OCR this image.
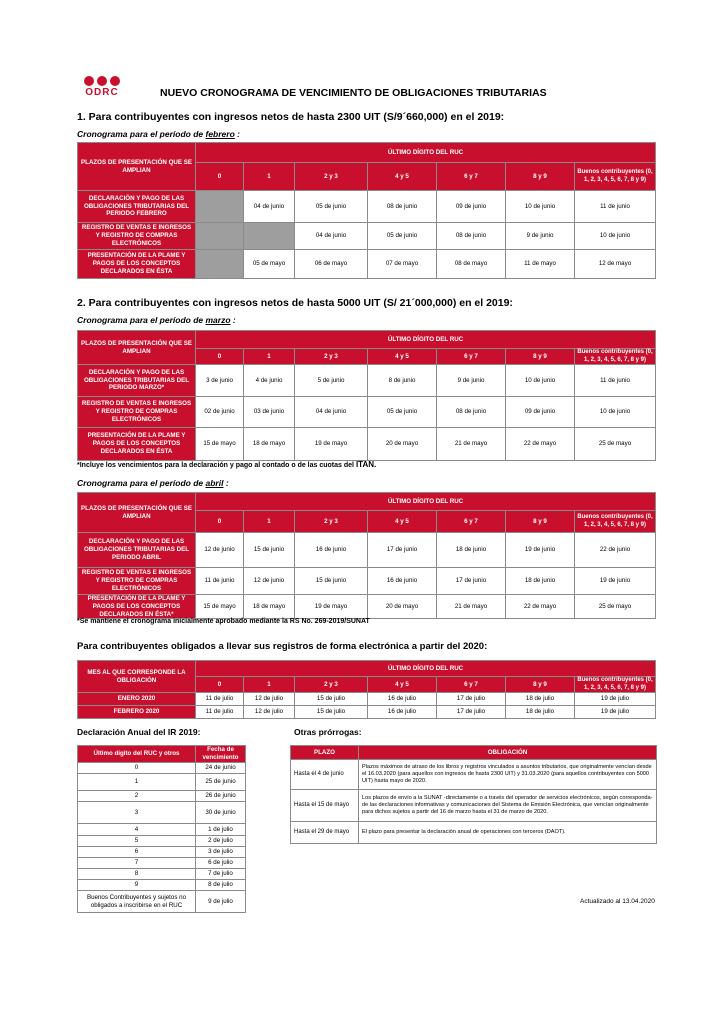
ODRC	NUEVO CRONOGRAMA DE VENCIMIENTO DE OBLIGACIONES TRIBUTARIAS
1. Para contribuyentes con ingresos netos de hasta 2300 UIT (S/9´660,000) en el 2019:
Cronograma para el período de febrero :
PLAZOS DE PRESENTACIÓN QUE SE AMPLIAN	ÚLTIMO DÍGITO DEL RUC						
	0	1	2 y 3	4 y 5	6 y 7	8 y 9	Buenos contribuyentes (0, 1, 2, 3, 4, 5, 6, 7, 8 y 9)
DECLARACIÓN Y PAGO DE LAS OBLIGACIONES TRIBUTARIAS DEL PERIODO FEBRERO		04 de junio	05 de junio	08 de junio	09 de junio	10 de junio	11 de junio
REGISTRO DE VENTAS E INGRESOS Y REGISTRO DE COMPRAS ELECTRÓNICOS			04 de junio	05 de junio	08 de junio	9 de junio	10 de junio
PRESENTACIÓN DE LA PLAME Y PAGOS DE LOS CONCEPTOS DECLARADOS EN ÉSTA		05 de mayo	06 de mayo	07 de mayo	08 de mayo	11 de mayo	12 de mayo
2. Para contribuyentes con ingresos netos de hasta 5000 UIT (S/ 21´000,000) en el 2019:
Cronograma para el período de marzo :
PLAZOS DE PRESENTACIÓN QUE SE AMPLIAN	ÚLTIMO DÍGITO DEL RUC						
	0	1	2 y 3	4 y 5	6 y 7	8 y 9	Buenos contribuyentes (0, 1, 2, 3, 4, 5, 6, 7, 8 y 9)
DECLARACIÓN Y PAGO DE LAS OBLIGACIONES TRIBUTARIAS DEL PERIODO MARZO*	3 de junio	4 de junio	5 de junio	8 de junio	9 de junio	10 de junio	11 de junio
REGISTRO DE VENTAS E INGRESOS Y REGISTRO DE COMPRAS ELECTRÓNICOS	02 de junio	03 de junio	04 de junio	05 de junio	08 de junio	09 de junio	10 de junio
PRESENTACIÓN DE LA PLAME Y PAGOS DE LOS CONCEPTOS DECLARADOS EN ÉSTA	15 de mayo	18 de mayo	19 de mayo	20 de mayo	21 de mayo	22 de mayo	25 de mayo
*Incluye los vencimientos para la declaración y pago al contado o de las cuotas del ITAN.
Cronograma para el período de abril :
PLAZOS DE PRESENTACIÓN QUE SE AMPLIAN	ÚLTIMO DÍGITO DEL RUC						
	0	1	2 y 3	4 y 5	6 y 7	8 y 9	Buenos contribuyentes (0, 1, 2, 3, 4, 5, 6, 7, 8 y 9)
DECLARACIÓN Y PAGO DE LAS OBLIGACIONES TRIBUTARIAS DEL PERIODO ABRIL	12 de junio	15 de junio	16 de junio	17 de junio	18 de junio	19 de junio	22 de junio
REGISTRO DE VENTAS E INGRESOS Y REGISTRO DE COMPRAS ELECTRÓNICOS	11 de junio	12 de junio	15 de junio	16 de junio	17 de junio	18 de junio	19 de junio
PRESENTACIÓN DE LA PLAME Y PAGOS DE LOS CONCEPTOS DECLARADOS EN ÉSTA*	15 de mayo	18 de mayo	19 de mayo	20 de mayo	21 de mayo	22 de mayo	25 de mayo
*Se mantiene el cronograma inicialmente aprobado mediante la RS No. 269-2019/SUNAT
Para contribuyentes obligados a llevar sus registros de forma electrónica a partir del 2020:
MES AL QUE CORRESPONDE LA OBLIGACIÓN	ÚLTIMO DÍGITO DEL RUC						
	0	1	2 y 3	4 y 5	6 y 7	8 y 9	Buenos contribuyentes (0, 1, 2, 3, 4, 5, 6, 7, 8 y 9)
ENERO 2020	11 de julio	12 de julio	15 de julio	16 de julio	17 de julio	18 de julio	19 de julio
FEBRERO 2020	11 de julio	12 de julio	15 de julio	16 de julio	17 de julio	18 de julio	19 de julio
Declaración Anual del IR 2019:
Último dígito del RUC y otros	Fecha de vencimiento
0	24 de junio
1	25 de junio
2	26 de junio
3	30 de junio
4	1 de julio
5	2 de julio
6	3 de julio
7	6 de julio
8	7 de julio
9	8 de julio
Buenos Contribuyentes y sujetos no obligados a inscribirse en el RUC	9 de julio
Otras prórrogas:
PLAZO	OBLIGACIÓN
Hasta el 4 de junio	Plazos máximos de atraso de los libros y registros vinculados a asuntos tributarios, que originalmente vencían desde el 16.03.2020 (para aquellos con ingresos de hasta 2300 UIT) y 31.03.2020 (para aquellos contribuyentes con 5000 UIT) hasta mayo de 2020.
Hasta el 15 de mayo	Los plazos de envío a la SUNAT -directamente o a través del operador de servicios electrónicos, según corresponda- de las declaraciones informativas y comunicaciones del Sistema de Emisión Electrónica, que vencían originalmente para dichos sujetos a partir del 16 de marzo hasta el 31 de marzo de 2020.
Hasta el 29 de mayo	El plazo para presentar la declaración anual de operaciones con terceros (DAOT).
Actualizado al 13.04.2020
